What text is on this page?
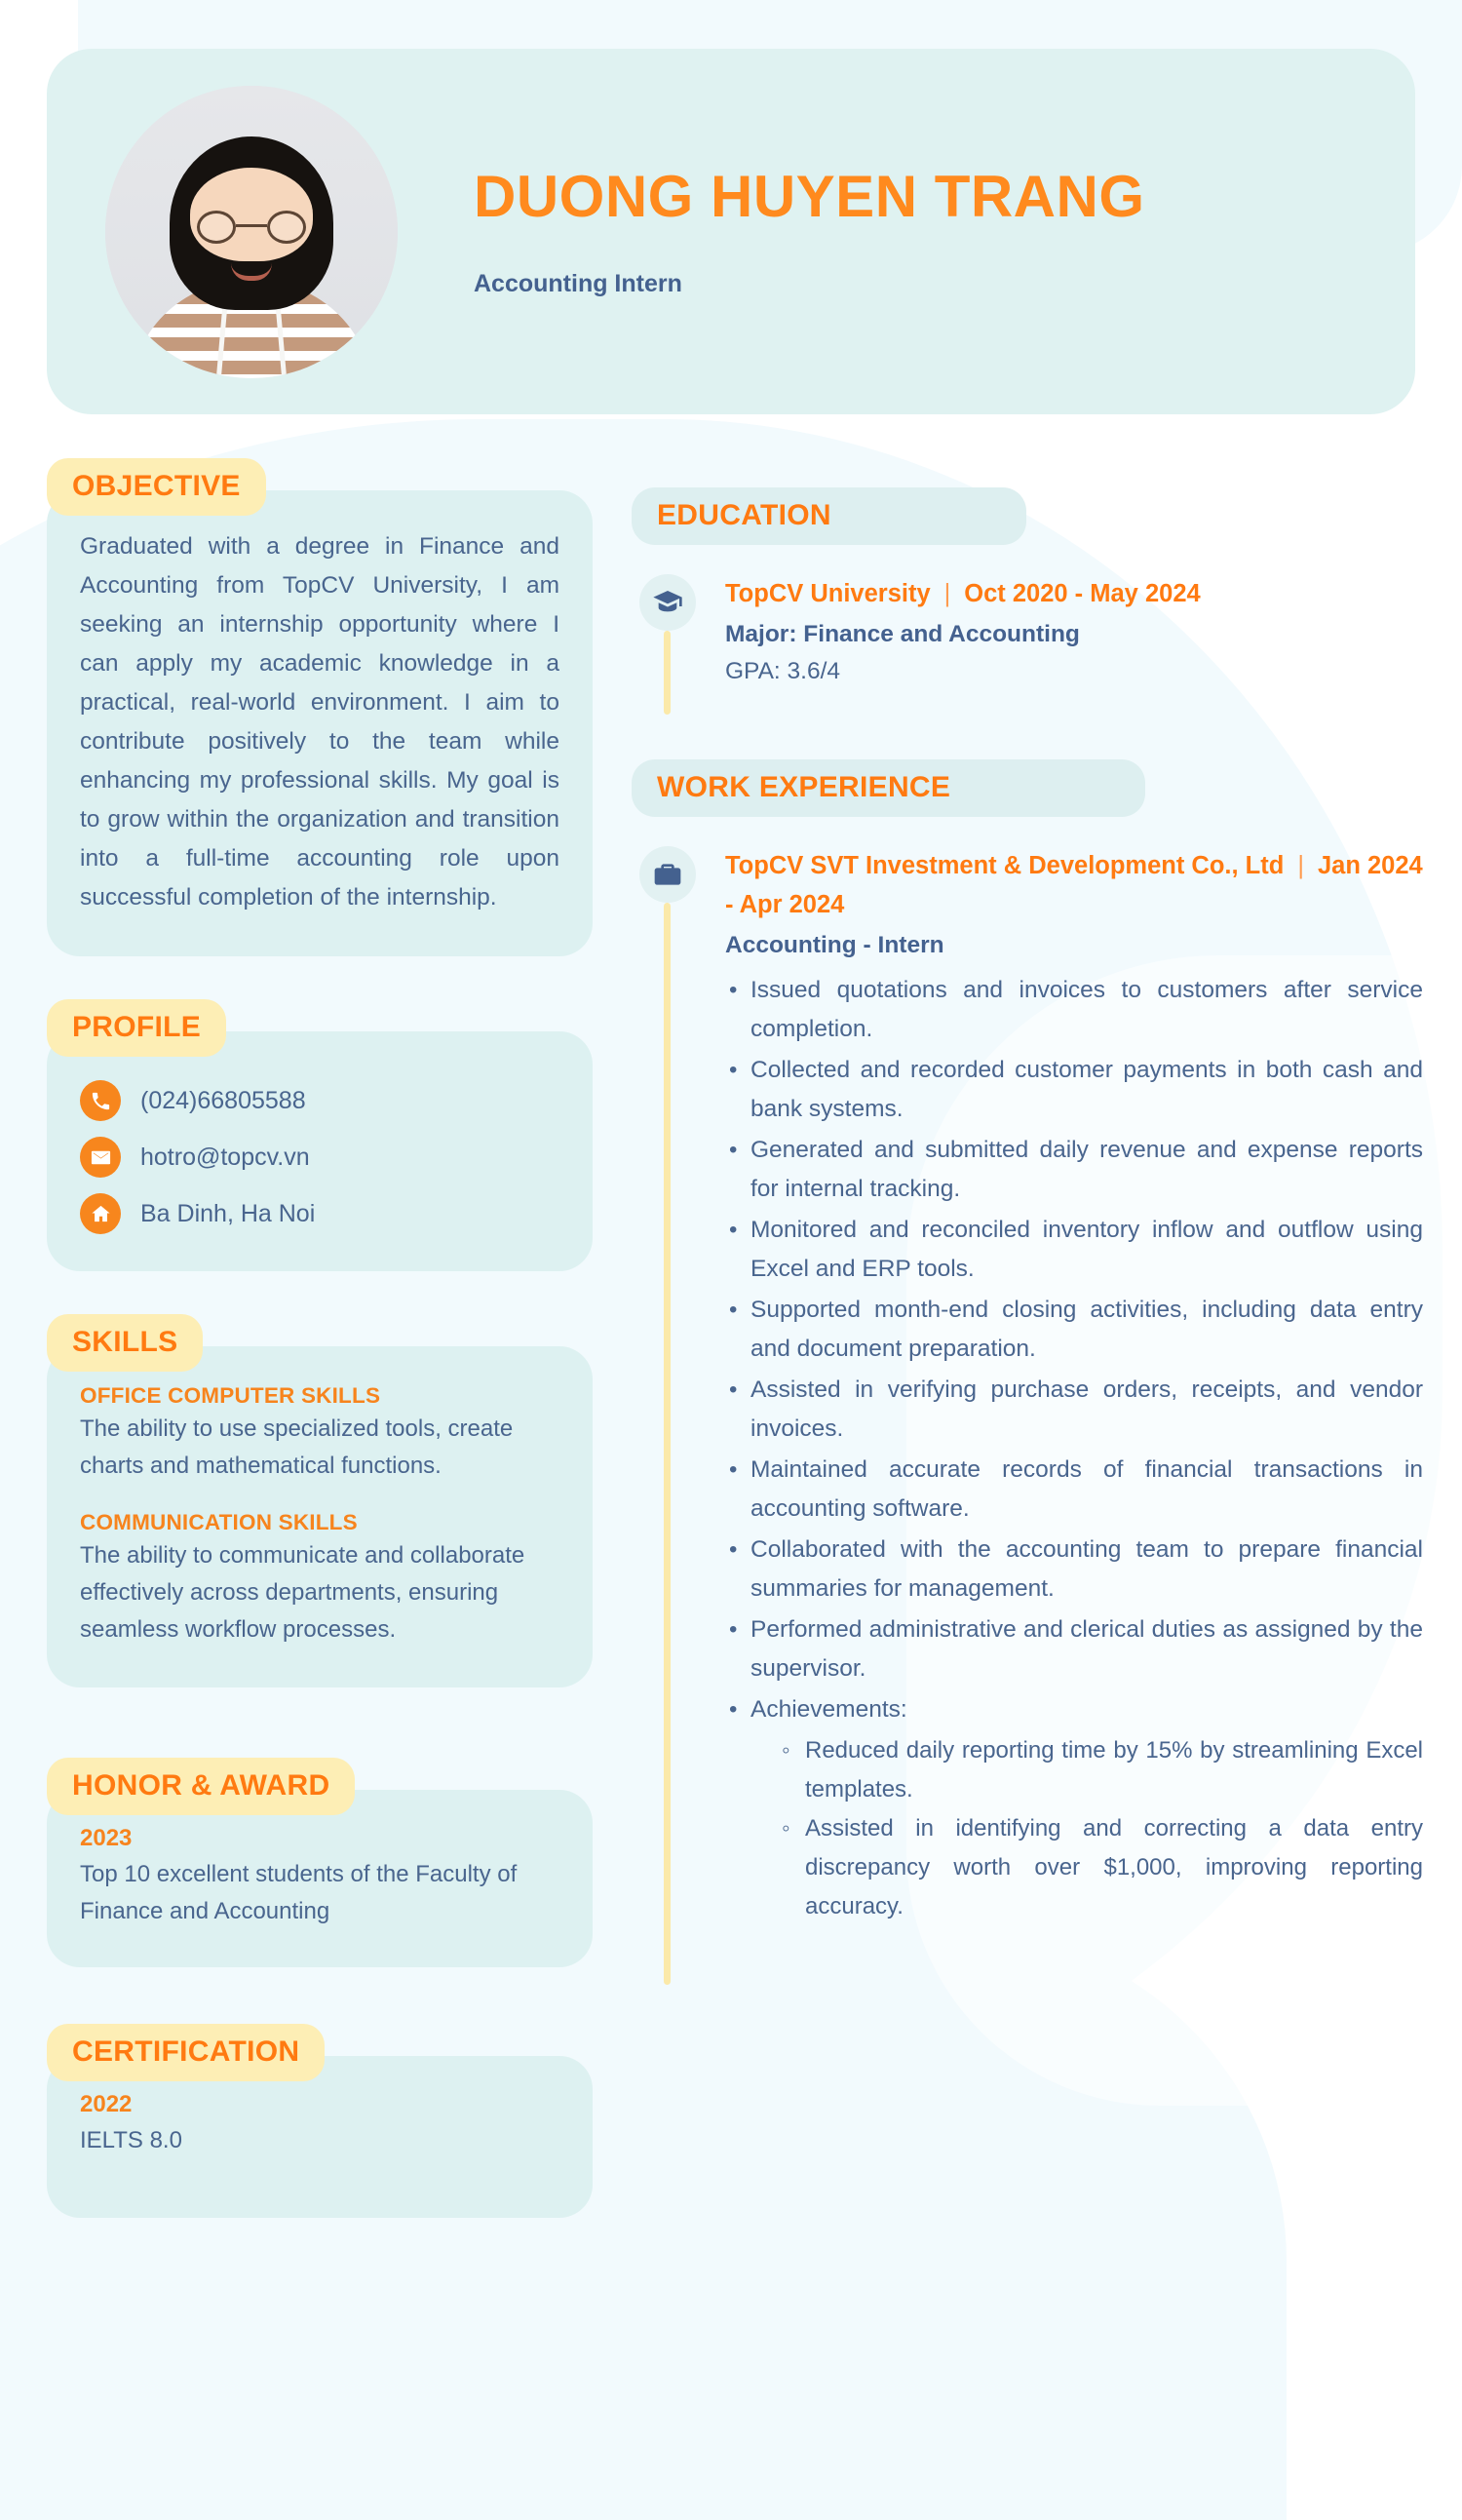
DUONG HUYEN TRANG
Accounting Intern
OBJECTIVE
Graduated with a degree in Finance and Accounting from TopCV University, I am seeking an internship opportunity where I can apply my academic knowledge in a practical, real-world environment. I aim to contribute positively to the team while enhancing my professional skills. My goal is to grow within the organization and transition into a full-time accounting role upon successful completion of the internship.
PROFILE
(024)66805588
hotro@topcv.vn
Ba Dinh, Ha Noi
SKILLS
OFFICE COMPUTER SKILLS
The ability to use specialized tools, create charts and mathematical functions.
COMMUNICATION SKILLS
The ability to communicate and collaborate effectively across departments, ensuring seamless workflow processes.
HONOR & AWARD
2023
Top 10 excellent students of the Faculty of Finance and Accounting
CERTIFICATION
2022
IELTS 8.0
EDUCATION
TopCV University | Oct 2020 - May 2024
Major: Finance and Accounting
GPA: 3.6/4
WORK EXPERIENCE
TopCV SVT Investment & Development Co., Ltd | Jan 2024 - Apr 2024
Accounting - Intern
• Issued quotations and invoices to customers after service completion.
• Collected and recorded customer payments in both cash and bank systems.
• Generated and submitted daily revenue and expense reports for internal tracking.
• Monitored and reconciled inventory inflow and outflow using Excel and ERP tools.
• Supported month-end closing activities, including data entry and document preparation.
• Assisted in verifying purchase orders, receipts, and vendor invoices.
• Maintained accurate records of financial transactions in accounting software.
• Collaborated with the accounting team to prepare financial summaries for management.
• Performed administrative and clerical duties as assigned by the supervisor.
• Achievements:
◦ Reduced daily reporting time by 15% by streamlining Excel templates.
◦ Assisted in identifying and correcting a data entry discrepancy worth over $1,000, improving reporting accuracy.
